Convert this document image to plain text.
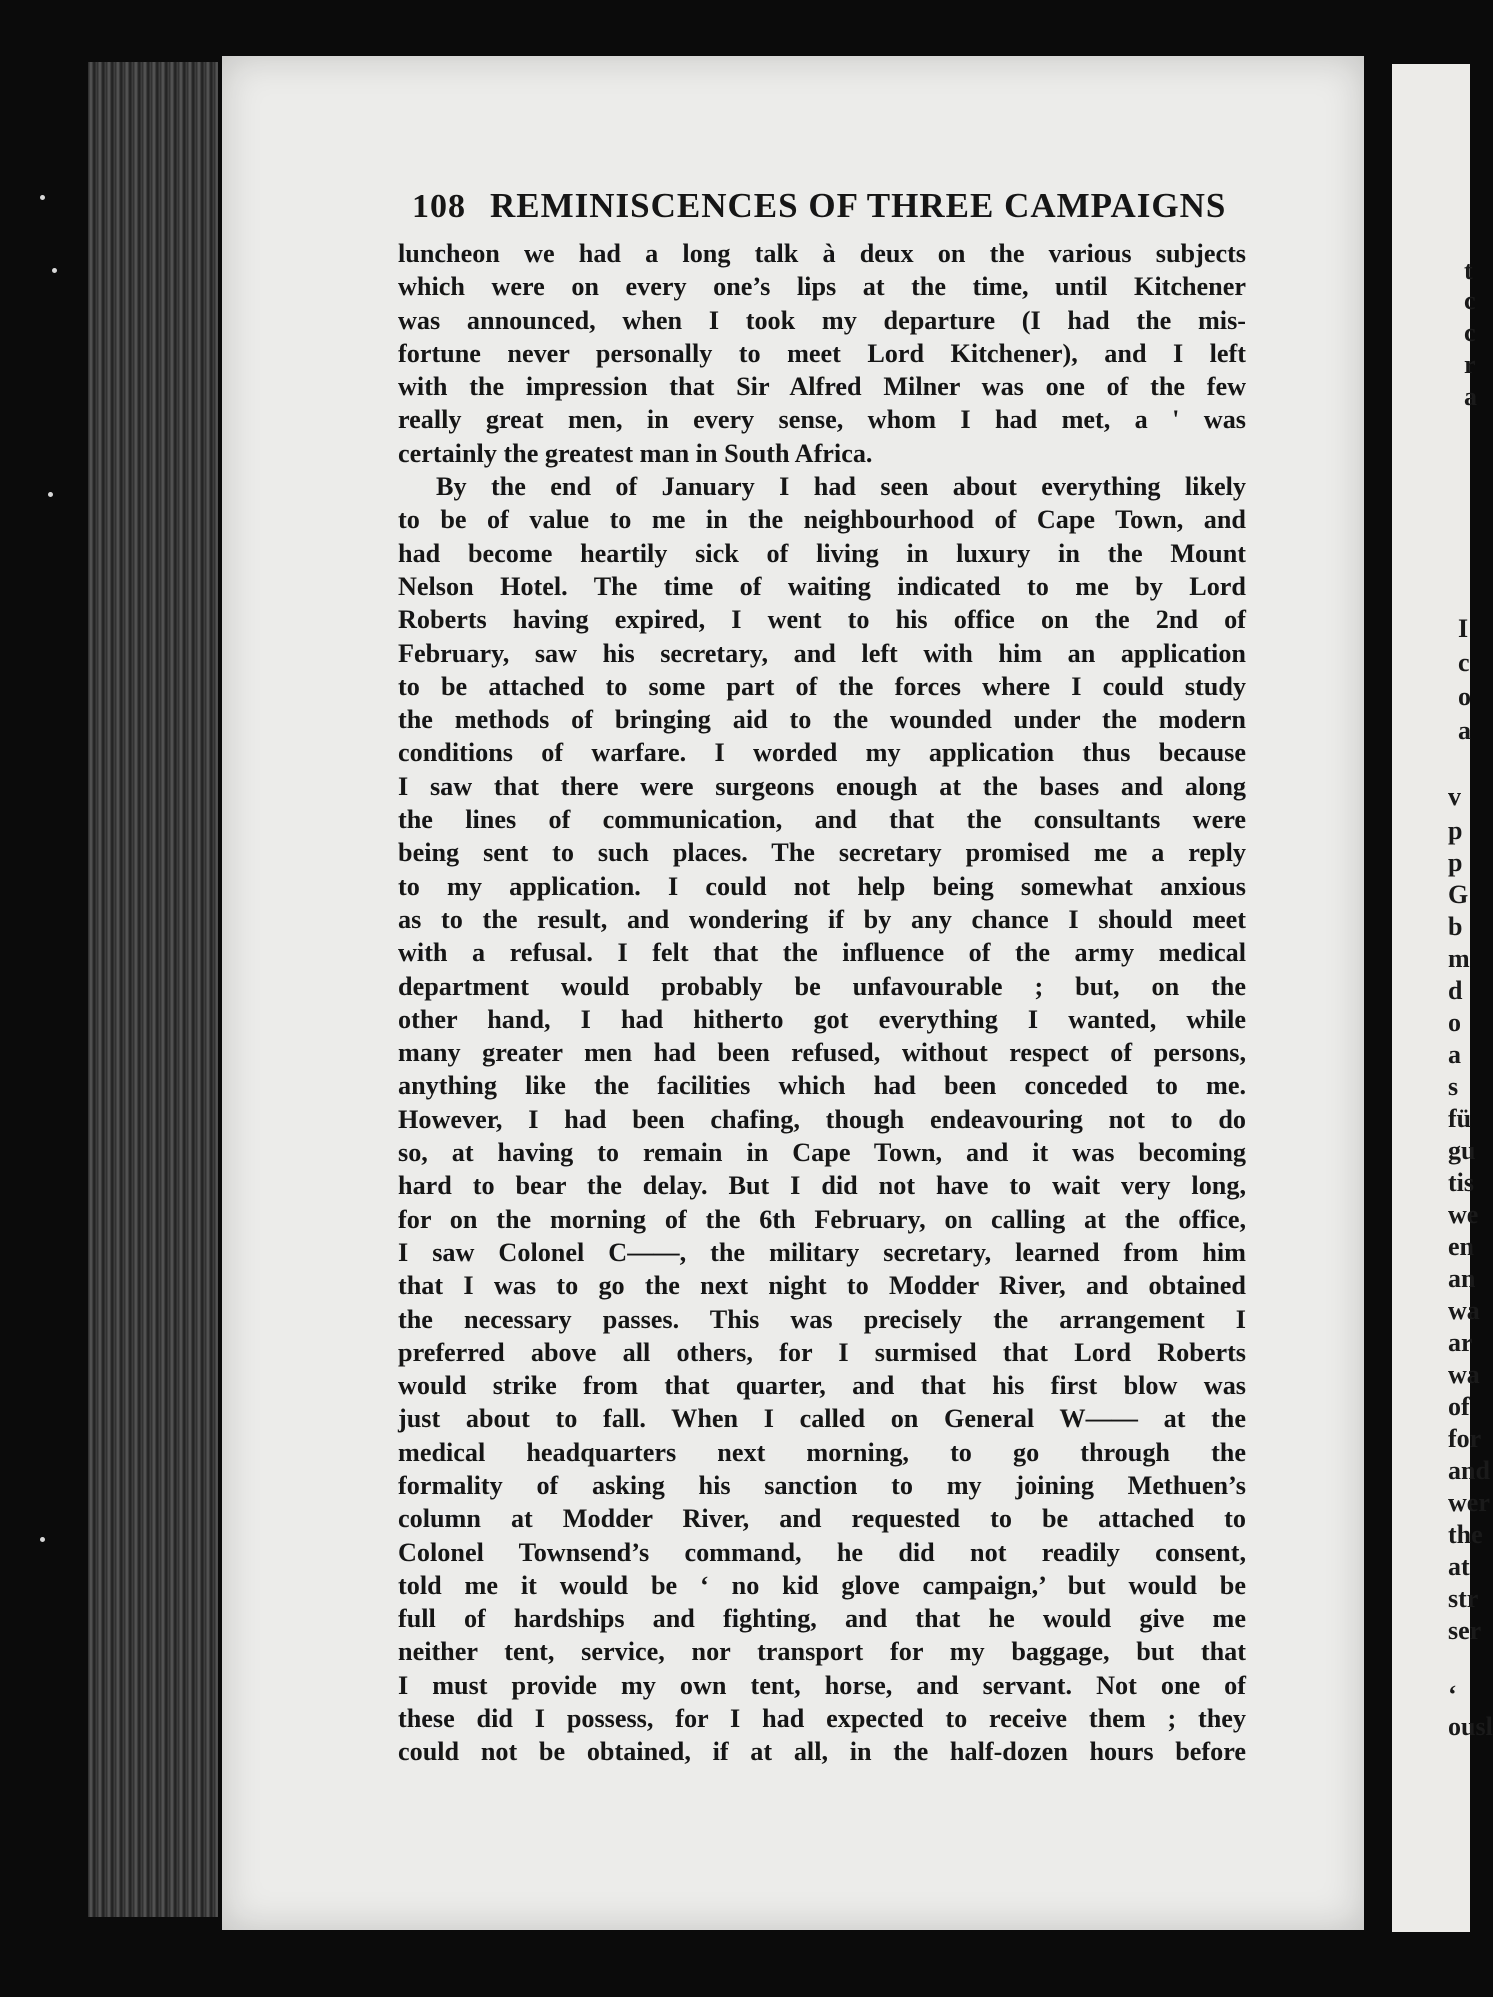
108 REMINISCENCES OF THREE CAMPAIGNS
luncheon we had a long talk à deux on the various subjects
which were on every one’s lips at the time, until Kitchener
was announced, when I took my departure (I had the mis-
fortune never personally to meet Lord Kitchener), and I left
with the impression that Sir Alfred Milner was one of the few
really great men, in every sense, whom I had met, a ' was
certainly the greatest man in South Africa.
By the end of January I had seen about everything likely
to be of value to me in the neighbourhood of Cape Town, and
had become heartily sick of living in luxury in the Mount
Nelson Hotel. The time of waiting indicated to me by Lord
Roberts having expired, I went to his office on the 2nd of
February, saw his secretary, and left with him an application
to be attached to some part of the forces where I could study
the methods of bringing aid to the wounded under the modern
conditions of warfare. I worded my application thus because
I saw that there were surgeons enough at the bases and along
the lines of communication, and that the consultants were
being sent to such places. The secretary promised me a reply
to my application. I could not help being somewhat anxious
as to the result, and wondering if by any chance I should meet
with a refusal. I felt that the influence of the army medical
department would probably be unfavourable ; but, on the
other hand, I had hitherto got everything I wanted, while
many greater men had been refused, without respect of persons,
anything like the facilities which had been conceded to me.
However, I had been chafing, though endeavouring not to do
so, at having to remain in Cape Town, and it was becoming
hard to bear the delay. But I did not have to wait very long,
for on the morning of the 6th February, on calling at the office,
I saw Colonel C——, the military secretary, learned from him
that I was to go the next night to Modder River, and obtained
the necessary passes. This was precisely the arrangement I
preferred above all others, for I surmised that Lord Roberts
would strike from that quarter, and that his first blow was
just about to fall. When I called on General W—— at the
medical headquarters next morning, to go through the
formality of asking his sanction to my joining Methuen’s
column at Modder River, and requested to be attached to
Colonel Townsend’s command, he did not readily consent,
told me it would be ‘ no kid glove campaign,’ but would be
full of hardships and fighting, and that he would give me
neither tent, service, nor transport for my baggage, but that
I must provide my own tent, horse, and servant. Not one of
these did I possess, for I had expected to receive them ; they
could not be obtained, if at all, in the half-dozen hours before
t
c
c
r
a
I
c
o
a
v
p
p
G
b
m
d
o
a
s
fü
gu
tis
we
en
an
wa
ar
wa
of
for
and
wer
the
at
str
ser
‘
ousl
